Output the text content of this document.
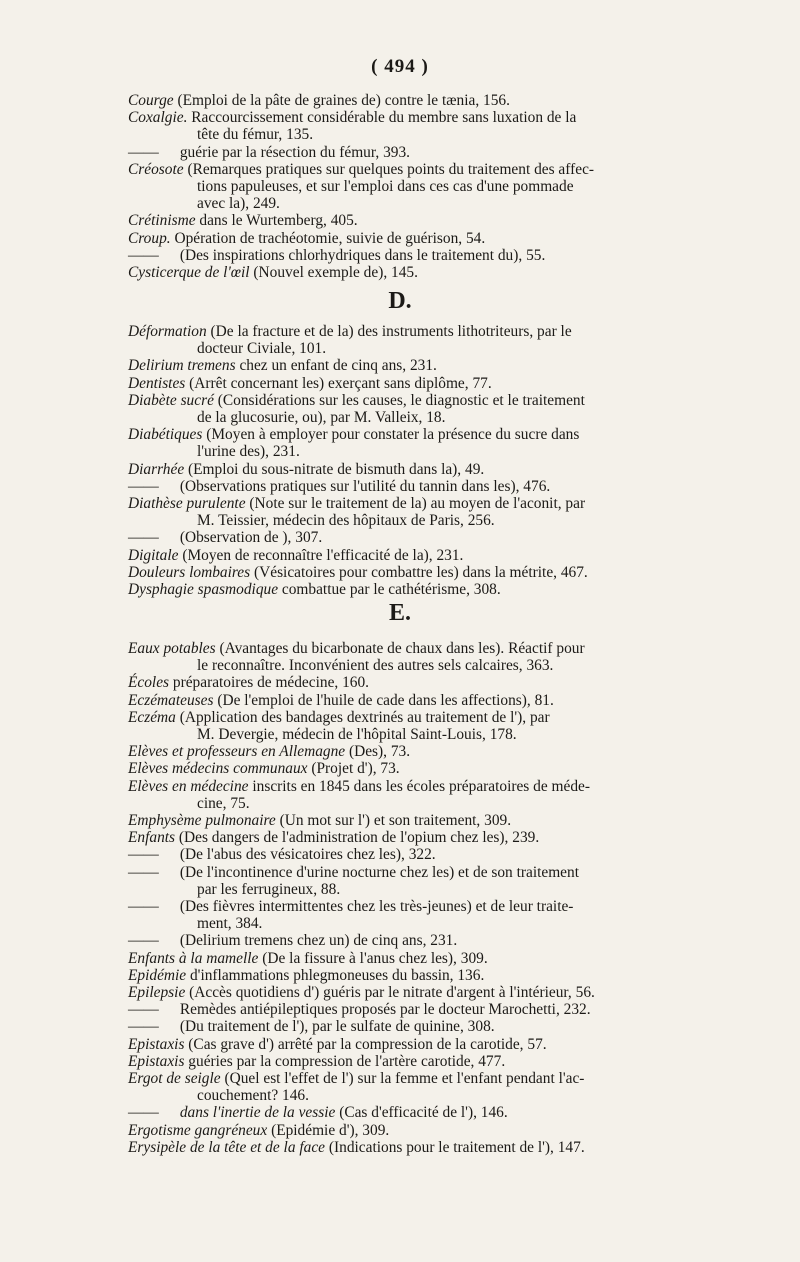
( 494 )
Courge (Emploi de la pâte de graines de) contre le tænia, 156.
Coxalgie. Raccourcissement considérable du membre sans luxation de la
tête du fémur, 135.
—— guérie par la résection du fémur, 393.
Créosote (Remarques pratiques sur quelques points du traitement des affec-
tions papuleuses, et sur l'emploi dans ces cas d'une pommade
avec la), 249.
Crétinisme dans le Wurtemberg, 405.
Croup. Opération de trachéotomie, suivie de guérison, 54.
—— (Des inspirations chlorhydriques dans le traitement du), 55.
Cysticerque de l'œil (Nouvel exemple de), 145.
D.
Déformation (De la fracture et de la) des instruments lithotriteurs, par le
docteur Civiale, 101.
Delirium tremens chez un enfant de cinq ans, 231.
Dentistes (Arrêt concernant les) exerçant sans diplôme, 77.
Diabète sucré (Considérations sur les causes, le diagnostic et le traitement
de la glucosurie, ou), par M. Valleix, 18.
Diabétiques (Moyen à employer pour constater la présence du sucre dans
l'urine des), 231.
Diarrhée (Emploi du sous-nitrate de bismuth dans la), 49.
—— (Observations pratiques sur l'utilité du tannin dans les), 476.
Diathèse purulente (Note sur le traitement de la) au moyen de l'aconit, par
M. Teissier, médecin des hôpitaux de Paris, 256.
—— (Observation de ), 307.
Digitale (Moyen de reconnaître l'efficacité de la), 231.
Douleurs lombaires (Vésicatoires pour combattre les) dans la métrite, 467.
Dysphagie spasmodique combattue par le cathétérisme, 308.
E.
Eaux potables (Avantages du bicarbonate de chaux dans les). Réactif pour
le reconnaître. Inconvénient des autres sels calcaires, 363.
Écoles préparatoires de médecine, 160.
Eczémateuses (De l'emploi de l'huile de cade dans les affections), 81.
Eczéma (Application des bandages dextrinés au traitement de l'), par
M. Devergie, médecin de l'hôpital Saint-Louis, 178.
Elèves et professeurs en Allemagne (Des), 73.
Elèves médecins communaux (Projet d'), 73.
Elèves en médecine inscrits en 1845 dans les écoles préparatoires de méde-
cine, 75.
Emphysème pulmonaire (Un mot sur l') et son traitement, 309.
Enfants (Des dangers de l'administration de l'opium chez les), 239.
—— (De l'abus des vésicatoires chez les), 322.
—— (De l'incontinence d'urine nocturne chez les) et de son traitement
par les ferrugineux, 88.
—— (Des fièvres intermittentes chez les très-jeunes) et de leur traite-
ment, 384.
—— (Delirium tremens chez un) de cinq ans, 231.
Enfants à la mamelle (De la fissure à l'anus chez les), 309.
Epidémie d'inflammations phlegmoneuses du bassin, 136.
Epilepsie (Accès quotidiens d') guéris par le nitrate d'argent à l'intérieur, 56.
—— Remèdes antiépileptiques proposés par le docteur Marochetti, 232.
—— (Du traitement de l'), par le sulfate de quinine, 308.
Epistaxis (Cas grave d') arrêté par la compression de la carotide, 57.
Epistaxis guéries par la compression de l'artère carotide, 477.
Ergot de seigle (Quel est l'effet de l') sur la femme et l'enfant pendant l'ac-
couchement? 146.
—— dans l'inertie de la vessie (Cas d'efficacité de l'), 146.
Ergotisme gangréneux (Epidémie d'), 309.
Erysipèle de la tête et de la face (Indications pour le traitement de l'), 147.
